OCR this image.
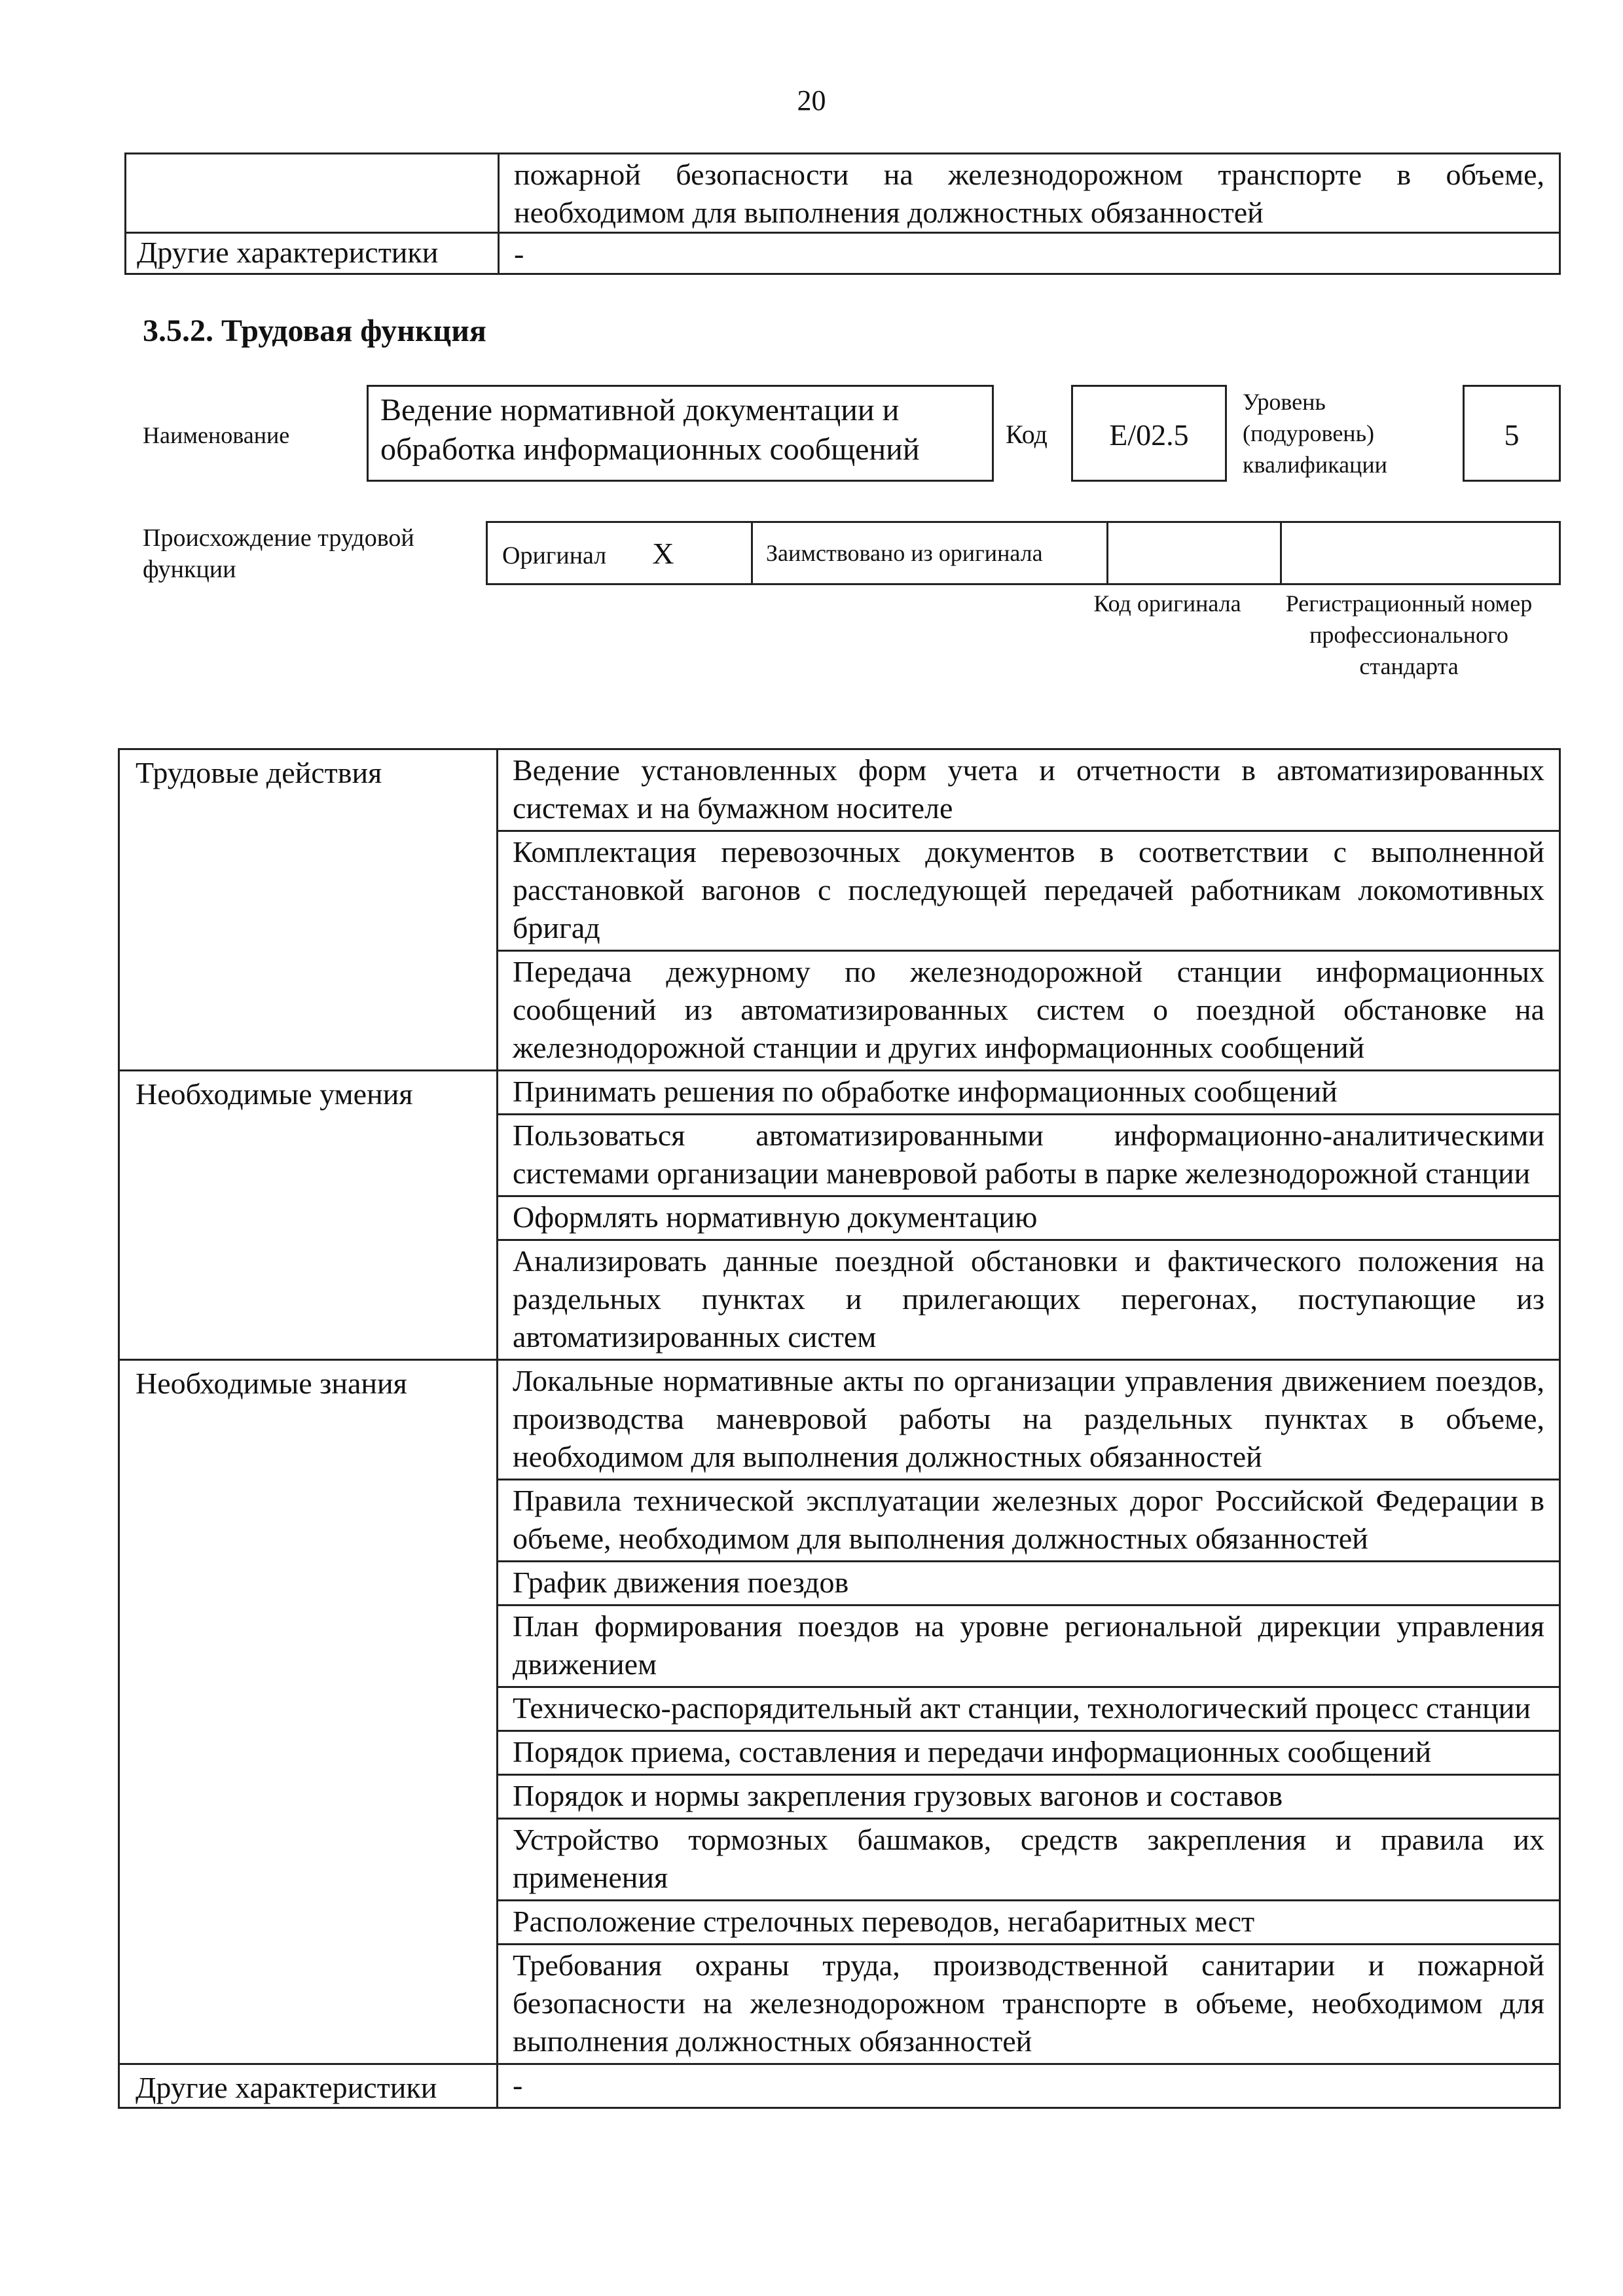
20
	пожарной безопасности на железнодорожном транспорте в объеме, необходимом для выполнения должностных обязанностей
Другие характеристики	-
3.5.2. Трудовая функция
Наименование
Ведение нормативной документации и обработка информационных сообщений	Код	Е/02.5
Уровень (подуровень) квалификации
5
Происхождение трудовой функции
Оригинал Х	Заимствовано из оригинала		
Код оригинала	Регистрационный номер профессионального стандарта
Трудовые действия	Ведение установленных форм учета и отчетности в автоматизированных системах и на бумажном носителе
	Комплектация перевозочных документов в соответствии с выполненной расстановкой вагонов с последующей передачей работникам локомотивных бригад
	Передача дежурному по железнодорожной станции информационных сообщений из автоматизированных систем о поездной обстановке на железнодорожной станции и других информационных сообщений
Необходимые умения	Принимать решения по обработке информационных сообщений
	Пользоваться автоматизированными информационно-аналитическими системами организации маневровой работы в парке железнодорожной станции
	Оформлять нормативную документацию
	Анализировать данные поездной обстановки и фактического положения на раздельных пунктах и прилегающих перегонах, поступающие из автоматизированных систем
Необходимые знания	Локальные нормативные акты по организации управления движением поездов, производства маневровой работы на раздельных пунктах в объеме, необходимом для выполнения должностных обязанностей
	Правила технической эксплуатации железных дорог Российской Федерации в объеме, необходимом для выполнения должностных обязанностей
	График движения поездов
	План формирования поездов на уровне региональной дирекции управления движением
	Техническо-распорядительный акт станции, технологический процесс станции
	Порядок приема, составления и передачи информационных сообщений
	Порядок и нормы закрепления грузовых вагонов и составов
	Устройство тормозных башмаков, средств закрепления и правила их применения
	Расположение стрелочных переводов, негабаритных мест
	Требования охраны труда, производственной санитарии и пожарной безопасности на железнодорожном транспорте в объеме, необходимом для выполнения должностных обязанностей
Другие характеристики	-
